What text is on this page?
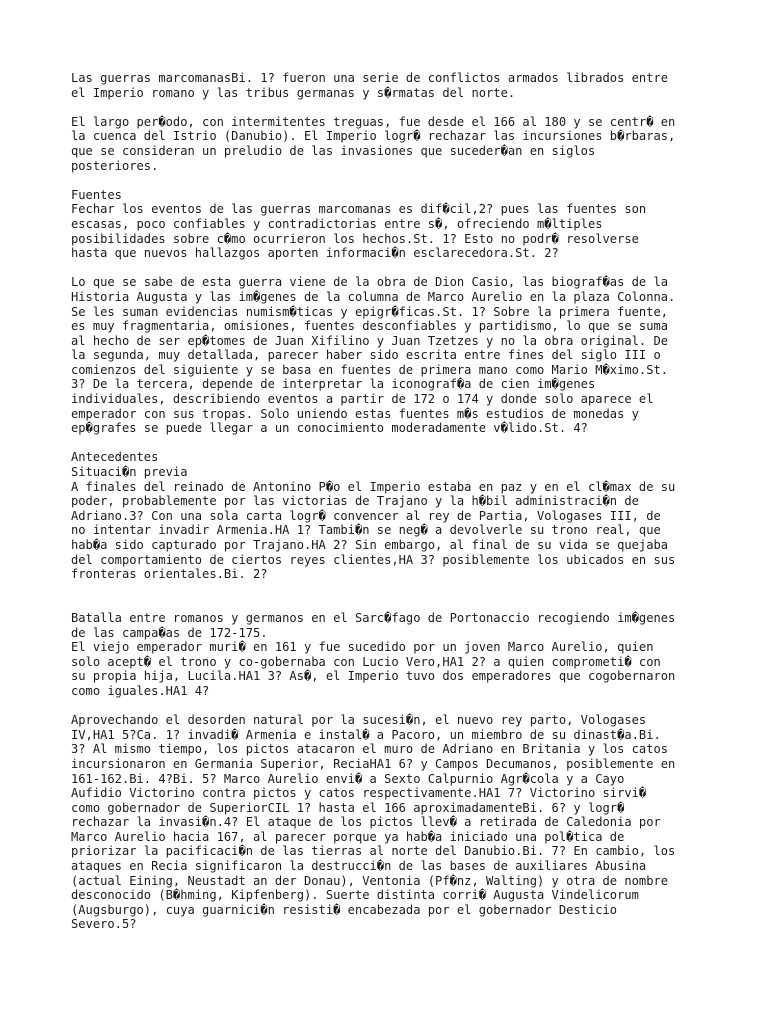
Las guerras marcomanasBi. 1? fueron una serie de conflictos armados librados entre
el Imperio romano y las tribus germanas y s�rmatas del norte.
El largo per�odo, con intermitentes treguas, fue desde el 166 al 180 y se centr� en
la cuenca del Istrio (Danubio). El Imperio logr� rechazar las incursiones b�rbaras,
que se consideran un preludio de las invasiones que suceder�an en siglos
posteriores.
Fuentes
Fechar los eventos de las guerras marcomanas es dif�cil,2? pues las fuentes son
escasas, poco confiables y contradictorias entre s�, ofreciendo m�ltiples
posibilidades sobre c�mo ocurrieron los hechos.St. 1? Esto no podr� resolverse
hasta que nuevos hallazgos aporten informaci�n esclarecedora.St. 2?
Lo que se sabe de esta guerra viene de la obra de Dion Casio, las biograf�as de la
Historia Augusta y las im�genes de la columna de Marco Aurelio en la plaza Colonna.
Se les suman evidencias numism�ticas y epigr�ficas.St. 1? Sobre la primera fuente,
es muy fragmentaria, omisiones, fuentes desconfiables y partidismo, lo que se suma
al hecho de ser ep�tomes de Juan Xifilino y Juan Tzetzes y no la obra original. De
la segunda, muy detallada, parecer haber sido escrita entre fines del siglo III o
comienzos del siguiente y se basa en fuentes de primera mano como Mario M�ximo.St.
3? De la tercera, depende de interpretar la iconograf�a de cien im�genes
individuales, describiendo eventos a partir de 172 o 174 y donde solo aparece el
emperador con sus tropas. Solo uniendo estas fuentes m�s estudios de monedas y
ep�grafes se puede llegar a un conocimiento moderadamente v�lido.St. 4?
Antecedentes
Situaci�n previa
A finales del reinado de Antonino P�o el Imperio estaba en paz y en el cl�max de su
poder, probablemente por las victorias de Trajano y la h�bil administraci�n de
Adriano.3? Con una sola carta logr� convencer al rey de Partia, Vologases III, de
no intentar invadir Armenia.HA 1? Tambi�n se neg� a devolverle su trono real, que
hab�a sido capturado por Trajano.HA 2? Sin embargo, al final de su vida se quejaba
del comportamiento de ciertos reyes clientes,HA 3? posiblemente los ubicados en sus
fronteras orientales.Bi. 2?
Batalla entre romanos y germanos en el Sarc�fago de Portonaccio recogiendo im�genes
de las campa�as de 172-175.
El viejo emperador muri� en 161 y fue sucedido por un joven Marco Aurelio, quien
solo acept� el trono y co-gobernaba con Lucio Vero,HA1 2? a quien comprometi� con
su propia hija, Lucila.HA1 3? As�, el Imperio tuvo dos emperadores que cogobernaron
como iguales.HA1 4?
Aprovechando el desorden natural por la sucesi�n, el nuevo rey parto, Vologases
IV,HA1 5?Ca. 1? invadi� Armenia e instal� a Pacoro, un miembro de su dinast�a.Bi.
3? Al mismo tiempo, los pictos atacaron el muro de Adriano en Britania y los catos
incursionaron en Germania Superior, ReciaHA1 6? y Campos Decumanos, posiblemente en
161-162.Bi. 4?Bi. 5? Marco Aurelio envi� a Sexto Calpurnio Agr�cola y a Cayo
Aufidio Victorino contra pictos y catos respectivamente.HA1 7? Victorino sirvi�
como gobernador de SuperiorCIL 1? hasta el 166 aproximadamenteBi. 6? y logr�
rechazar la invasi�n.4? El ataque de los pictos llev� a retirada de Caledonia por
Marco Aurelio hacia 167, al parecer porque ya hab�a iniciado una pol�tica de
priorizar la pacificaci�n de las tierras al norte del Danubio.Bi. 7? En cambio, los
ataques en Recia significaron la destrucci�n de las bases de auxiliares Abusina
(actual Eining, Neustadt an der Donau), Ventonia (Pf�nz, Walting) y otra de nombre
desconocido (B�hming, Kipfenberg). Suerte distinta corri� Augusta Vindelicorum
(Augsburgo), cuya guarnici�n resisti� encabezada por el gobernador Desticio
Severo.5?
